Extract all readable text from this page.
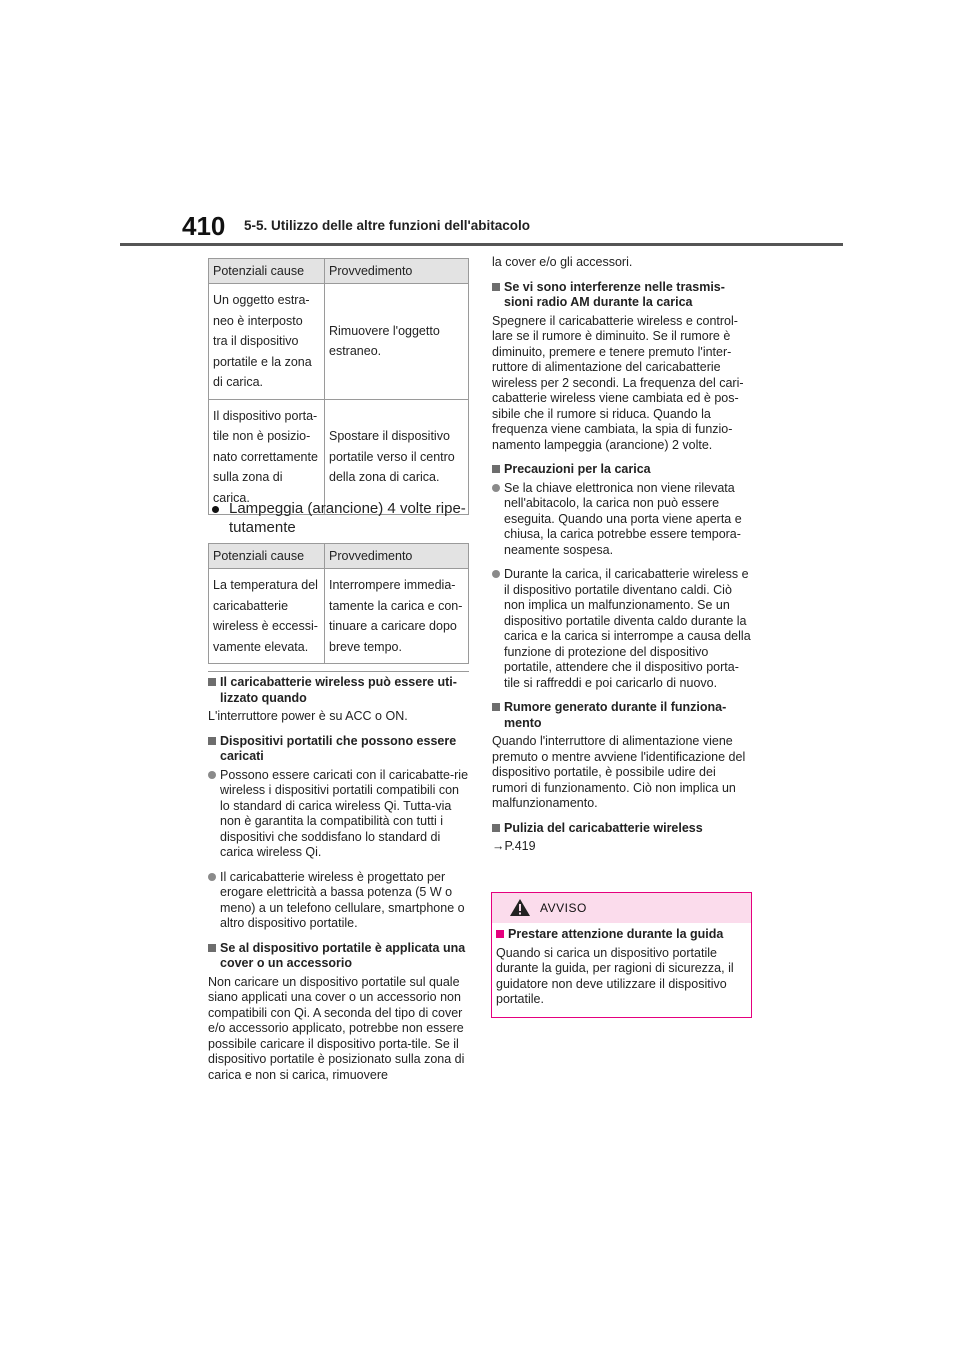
410 5-5. Utilizzo delle altre funzioni dell'abitacolo
Potenziali cause	Provvedimento
Un oggetto estra-neo è interposto tra il dispositivo portatile e la zona di carica.	Rimuovere l'oggetto estraneo.
Il dispositivo porta-tile non è posizio-nato correttamente sulla zona di carica.	Spostare il dispositivo portatile verso il centro della zona di carica.
Lampeggia (arancione) 4 volte ripe-tutamente
Potenziali cause	Provvedimento
La temperatura del caricabatterie wireless è eccessi-vamente elevata.	Interrompere immedia-tamente la carica e con-tinuare a caricare dopo breve tempo.
Il caricabatterie wireless può essere uti-lizzato quando
L'interruttore power è su ACC o ON.
Dispositivi portatili che possono essere caricati
Possono essere caricati con il caricabatte-rie wireless i dispositivi portatili compatibili con lo standard di carica wireless Qi. Tutta-via non è garantita la compatibilità con tutti i dispositivi che soddisfano lo standard di carica wireless Qi.
Il caricabatterie wireless è progettato per erogare elettricità a bassa potenza (5 W o meno) a un telefono cellulare, smartphone o altro dispositivo portatile.
Se al dispositivo portatile è applicata una cover o un accessorio
Non caricare un dispositivo portatile sul quale siano applicati una cover o un accessorio non compatibili con Qi. A seconda del tipo di cover e/o accessorio applicato, potrebbe non essere possibile caricare il dispositivo porta-tile. Se il dispositivo portatile è posizionato sulla zona di carica e non si carica, rimuovere
la cover e/o gli accessori.
Se vi sono interferenze nelle trasmis-sioni radio AM durante la carica
Spegnere il caricabatterie wireless e control-lare se il rumore è diminuito. Se il rumore è diminuito, premere e tenere premuto l'inter-ruttore di alimentazione del caricabatterie wireless per 2 secondi. La frequenza del cari-cabatterie wireless viene cambiata ed è pos-sibile che il rumore si riduca. Quando la frequenza viene cambiata, la spia di funzio-namento lampeggia (arancione) 2 volte.
Precauzioni per la carica
Se la chiave elettronica non viene rilevata nell'abitacolo, la carica non può essere eseguita. Quando una porta viene aperta e chiusa, la carica potrebbe essere tempora-neamente sospesa.
Durante la carica, il caricabatterie wireless e il dispositivo portatile diventano caldi. Ciò non implica un malfunzionamento. Se un dispositivo portatile diventa caldo durante la carica e la carica si interrompe a causa della funzione di protezione del dispositivo portatile, attendere che il dispositivo porta-tile si raffreddi e poi caricarlo di nuovo.
Rumore generato durante il funziona-mento
Quando l'interruttore di alimentazione viene premuto o mentre avviene l'identificazione del dispositivo portatile, è possibile udire dei rumori di funzionamento. Ciò non implica un malfunzionamento.
Pulizia del caricabatterie wireless
→P.419
AVVISO
Prestare attenzione durante la guida
Quando si carica un dispositivo portatile durante la guida, per ragioni di sicurezza, il guidatore non deve utilizzare il dispositivo portatile.
